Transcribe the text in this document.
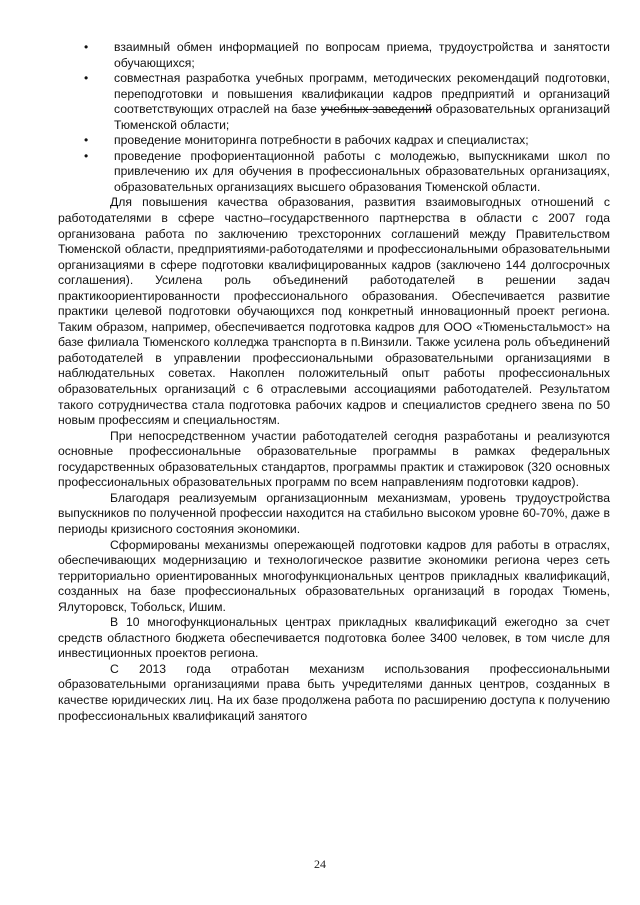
• взаимный обмен информацией по вопросам приема, трудоустройства и занятости обучающихся;
• совместная разработка учебных программ, методических рекомендаций подготовки, переподготовки и повышения квалификации кадров предприятий и организаций соответствующих отраслей на базе учебных заведений образовательных организаций Тюменской области;
• проведение мониторинга потребности в рабочих кадрах и специалистах;
• проведение профориентационной работы с молодежью, выпускниками школ по привлечению их для обучения в профессиональных образовательных организациях, образовательных организациях высшего образования Тюменской области.

Для повышения качества образования, развития взаимовыгодных отношений с работодателями в сфере частно–государственного партнерства в области с 2007 года организована работа по заключению трехсторонних соглашений между Правительством Тюменской области, предприятиями-работодателями и профессиональными образовательными организациями в сфере подготовки квалифицированных кадров (заключено 144 долгосрочных соглашения). Усилена роль объединений работодателей в решении задач практикоориентированности профессионального образования. Обеспечивается развитие практики целевой подготовки обучающихся под конкретный инновационный проект региона. Таким образом, например, обеспечивается подготовка кадров для ООО «Тюменьстальмост» на базе филиала Тюменского колледжа транспорта в п.Винзили. Также усилена роль объединений работодателей в управлении профессиональными образовательными организациями в наблюдательных советах. Накоплен положительный опыт работы профессиональных образовательных организаций с 6 отраслевыми ассоциациями работодателей. Результатом такого сотрудничества стала подготовка рабочих кадров и специалистов среднего звена по 50 новым профессиям и специальностям.

При непосредственном участии работодателей сегодня разработаны и реализуются основные профессиональные образовательные программы в рамках федеральных государственных образовательных стандартов, программы практик и стажировок (320 основных профессиональных образовательных программ по всем направлениям подготовки кадров).

Благодаря реализуемым организационным механизмам, уровень трудоустройства выпускников по полученной профессии находится на стабильно высоком уровне 60-70%, даже в периоды кризисного состояния экономики.

Сформированы механизмы опережающей подготовки кадров для работы в отраслях, обеспечивающих модернизацию и технологическое развитие экономики региона через сеть территориально ориентированных многофункциональных центров прикладных квалификаций, созданных на базе профессиональных образовательных организаций в городах Тюмень, Ялуторовск, Тобольск, Ишим.

В 10 многофункциональных центрах прикладных квалификаций ежегодно за счет средств областного бюджета обеспечивается подготовка более 3400 человек, в том числе для инвестиционных проектов региона.

С 2013 года отработан механизм использования профессиональными образовательными организациями права быть учредителями данных центров, созданных в качестве юридических лиц. На их базе продолжена работа по расширению доступа к получению профессиональных квалификаций занятого

24
